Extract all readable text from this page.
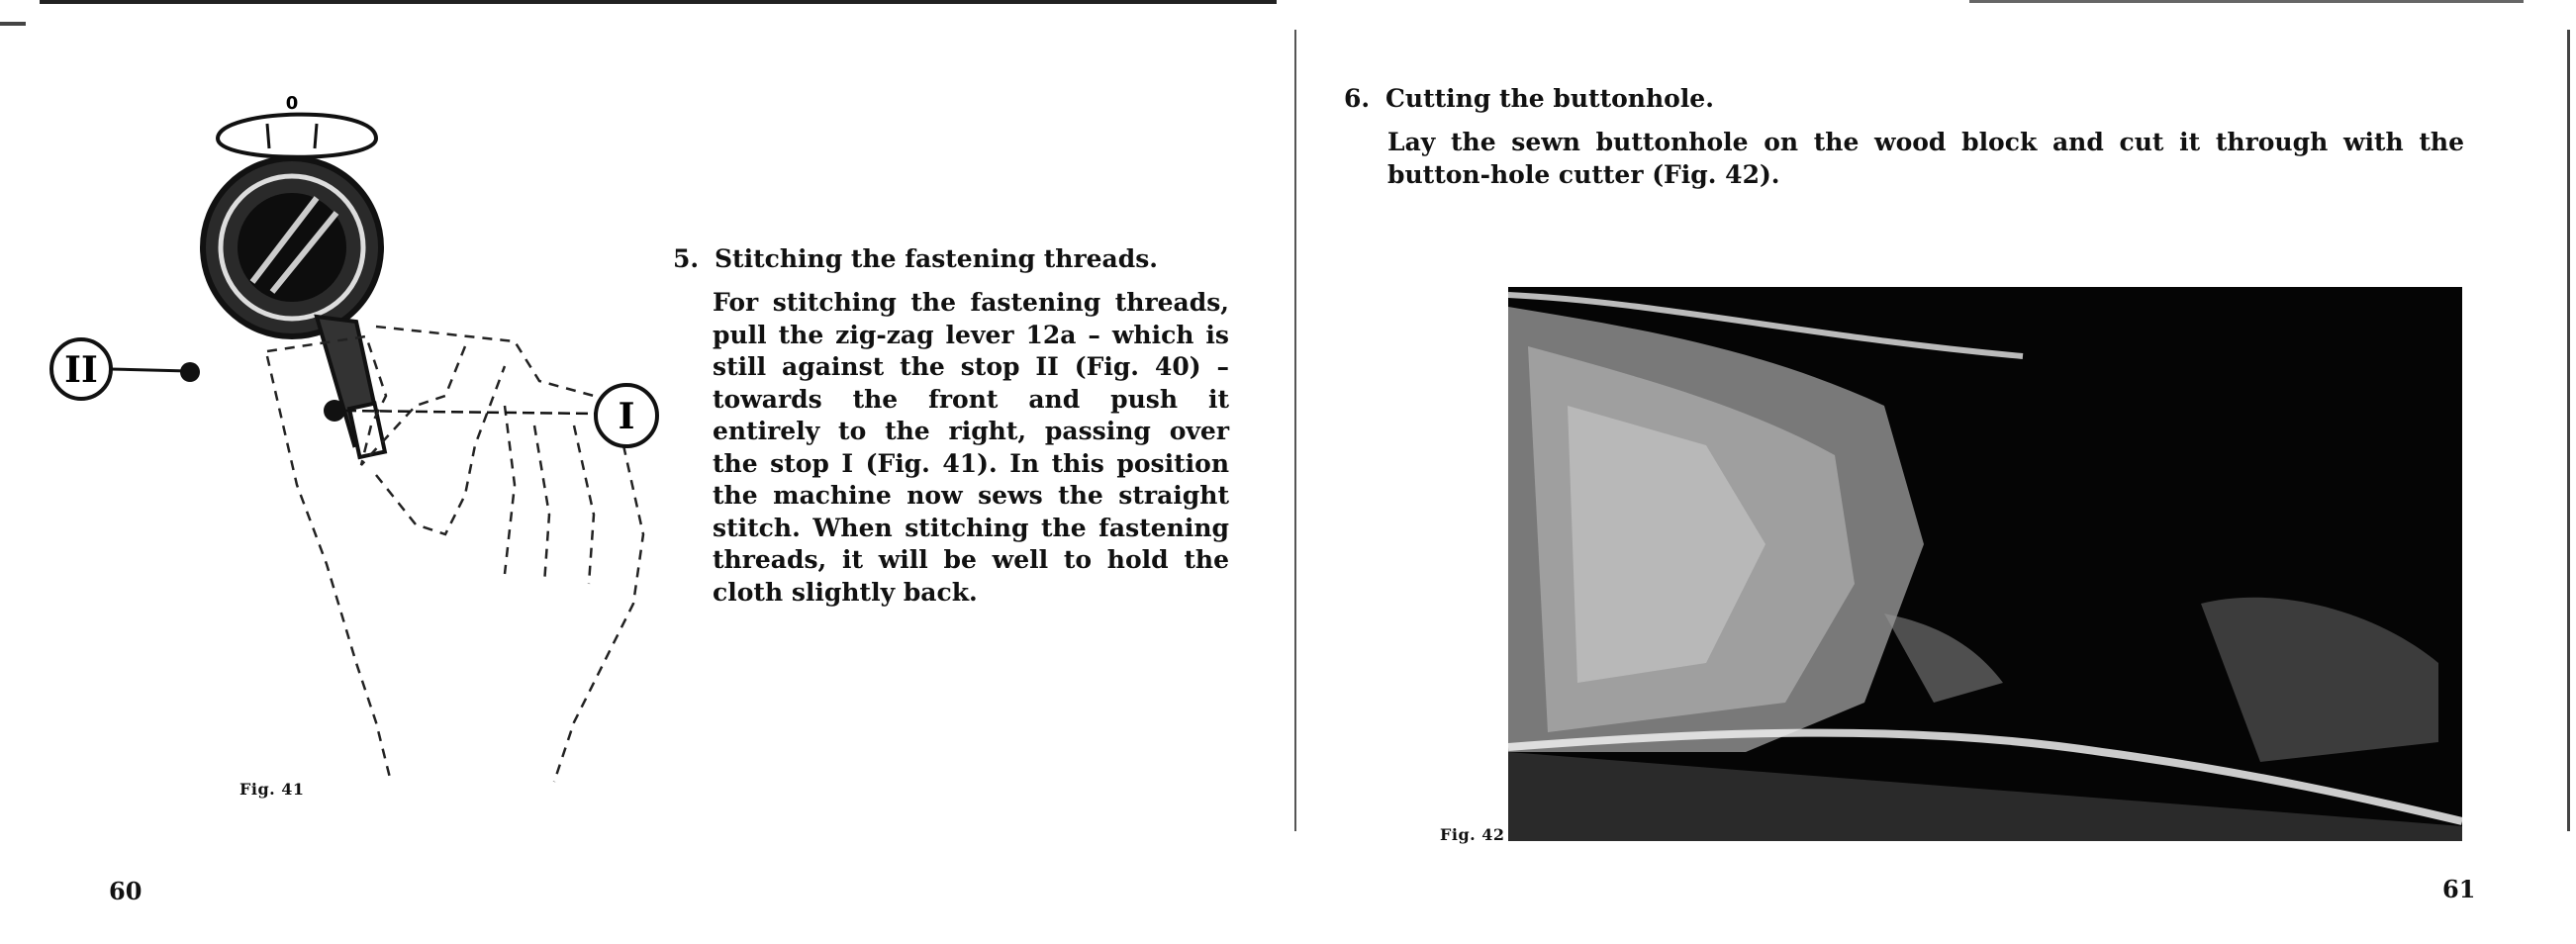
0
II
I
Fig. 41
5. Stitching the fastening threads.

For stitching the fastening threads, pull the zig-zag lever 12a – which is still against the stop II (Fig. 40) – towards the front and push it entirely to the right, passing over the stop I (Fig. 41). In this position the machine now sews the straight stitch. When stitching the fastening threads, it will be well to hold the cloth slightly back.

60
6. Cutting the buttonhole.

Lay the sewn buttonhole on the wood block and cut it through with the button-hole cutter (Fig. 42).

Fig. 42
61
